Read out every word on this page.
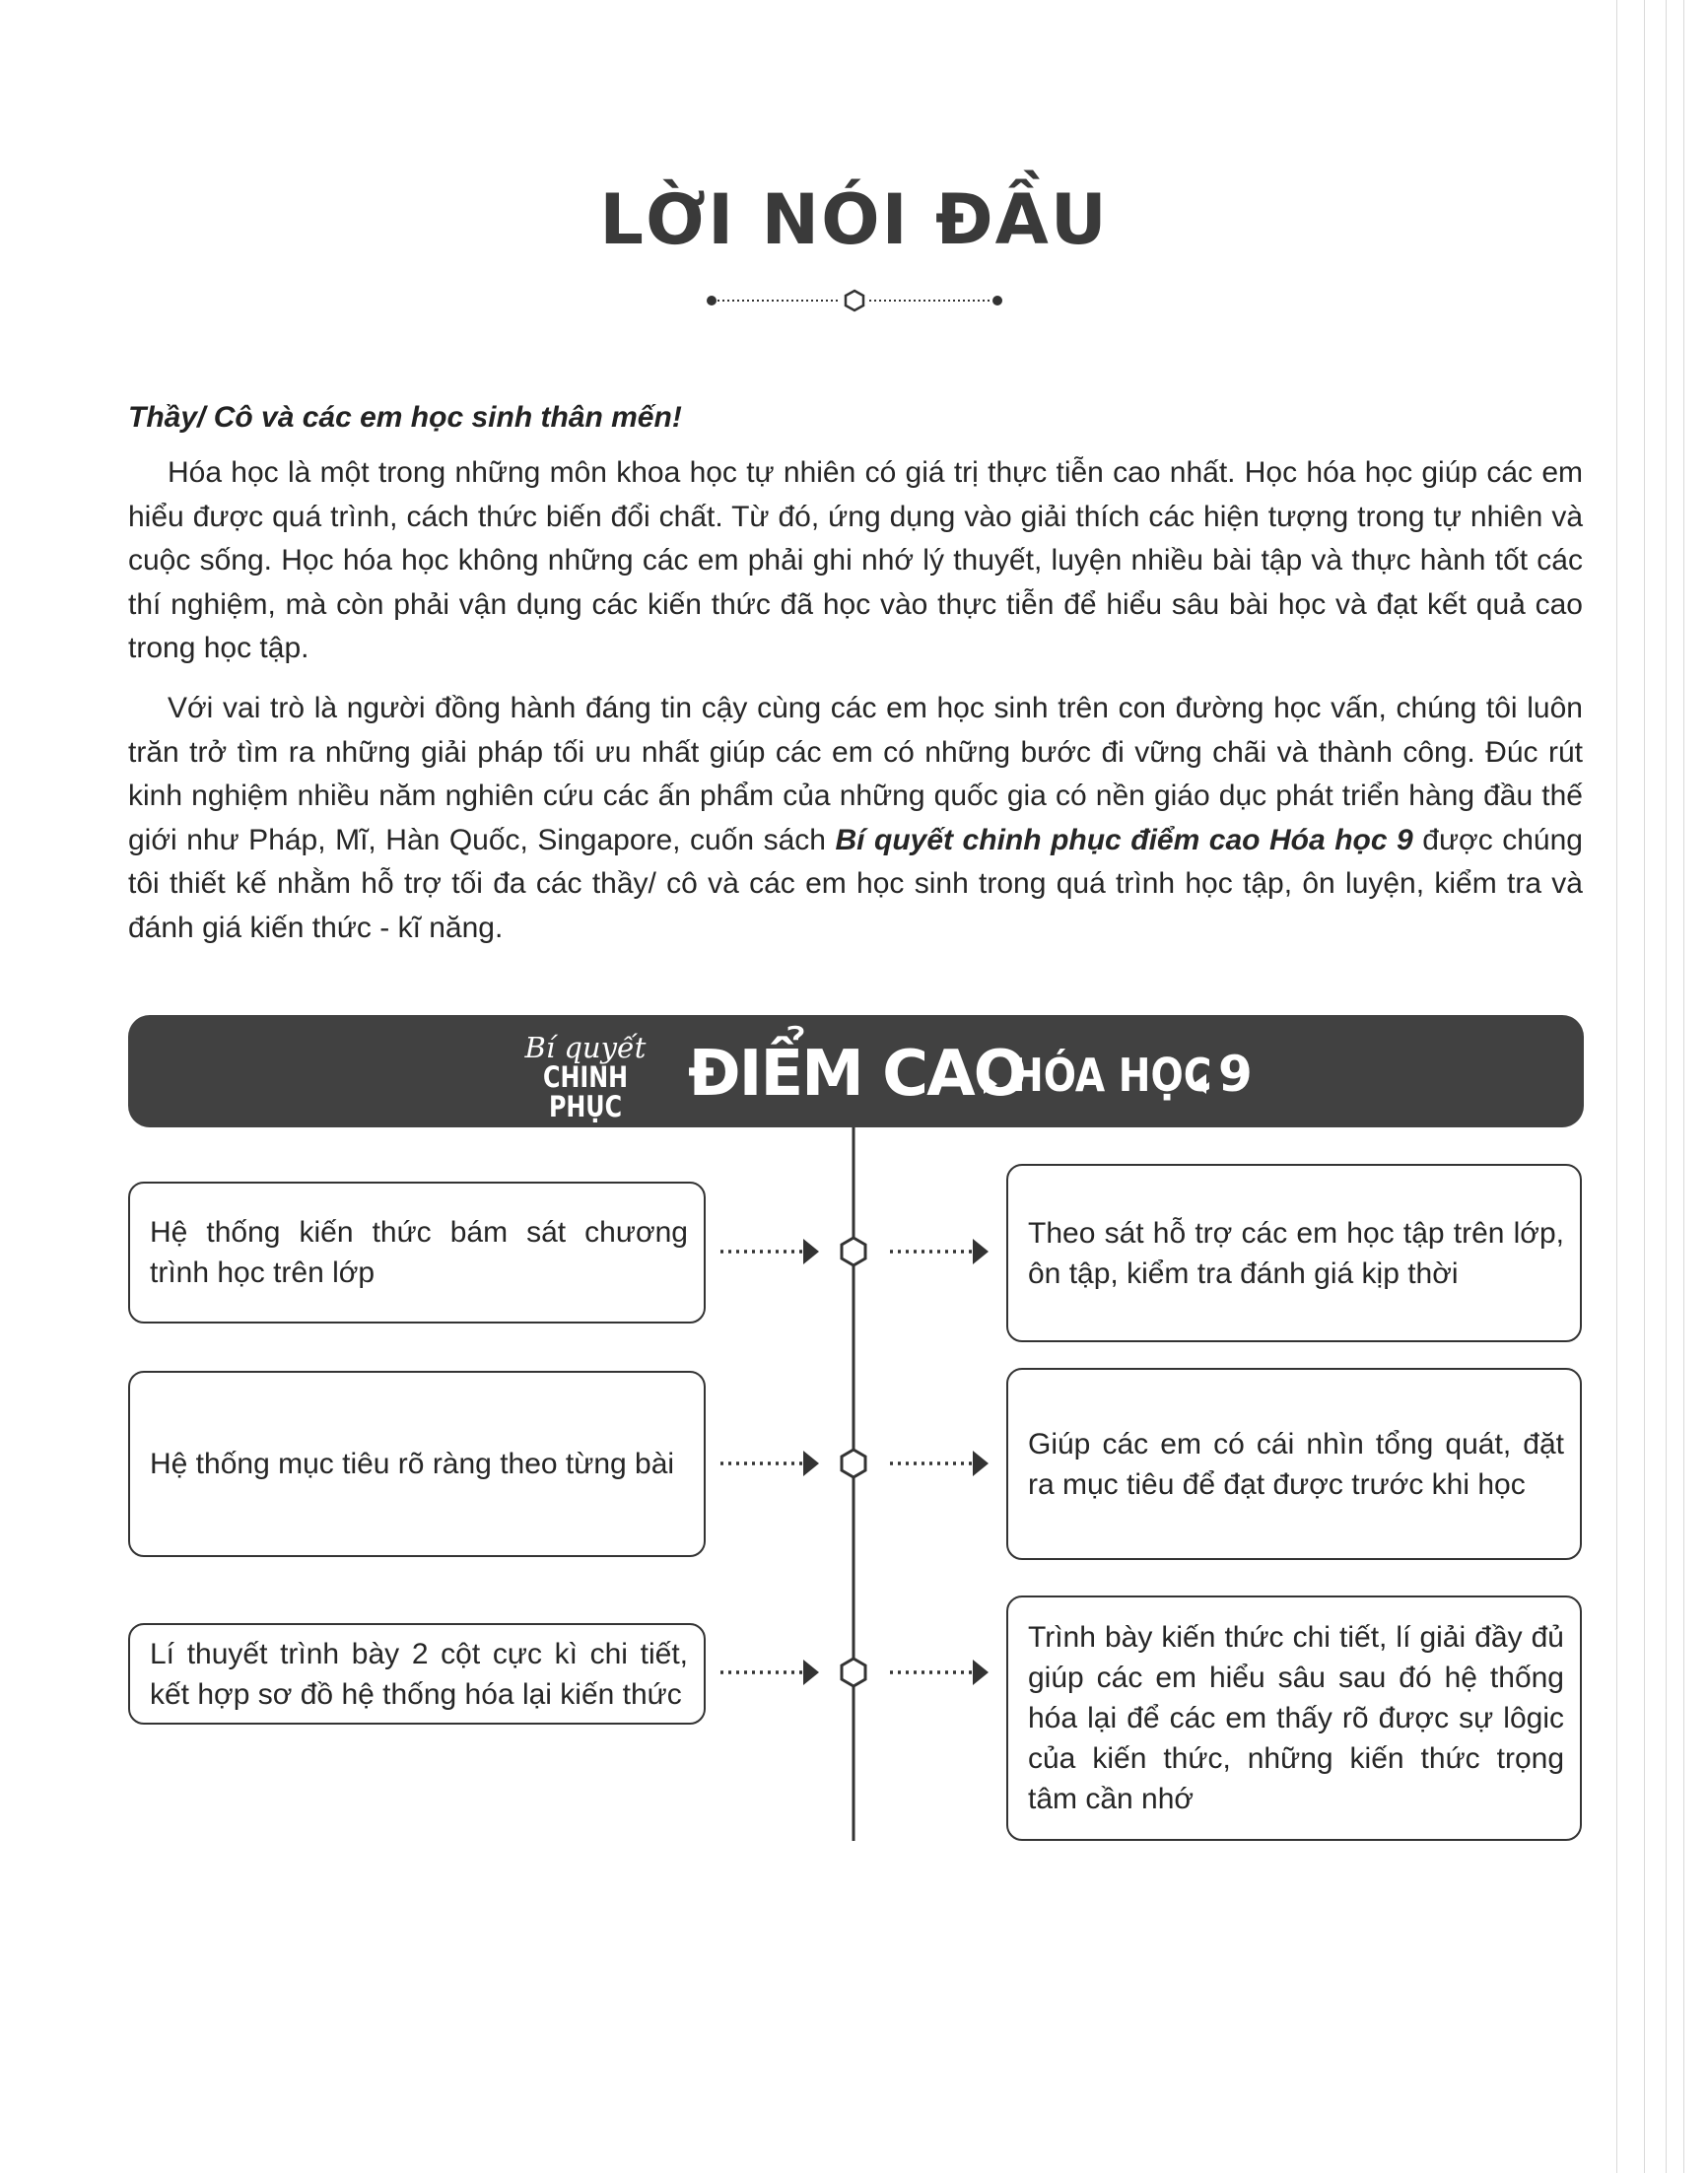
LỜI NÓI ĐẦU
Thầy/ Cô và các em học sinh thân mến!

Hóa học là một trong những môn khoa học tự nhiên có giá trị thực tiễn cao nhất. Học hóa học giúp các em hiểu được quá trình, cách thức biến đổi chất. Từ đó, ứng dụng vào giải thích các hiện tượng trong tự nhiên và cuộc sống. Học hóa học không những các em phải ghi nhớ lý thuyết, luyện nhiều bài tập và thực hành tốt các thí nghiệm, mà còn phải vận dụng các kiến thức đã học vào thực tiễn để hiểu sâu bài học và đạt kết quả cao trong học tập.

Với vai trò là người đồng hành đáng tin cậy cùng các em học sinh trên con đường học vấn, chúng tôi luôn trăn trở tìm ra những giải pháp tối ưu nhất giúp các em có những bước đi vững chãi và thành công. Đúc rút kinh nghiệm nhiều năm nghiên cứu các ấn phẩm của những quốc gia có nền giáo dục phát triển hàng đầu thế giới như Pháp, Mĩ, Hàn Quốc, Singapore, cuốn sách Bí quyết chinh phục điểm cao Hóa học 9 được chúng tôi thiết kế nhằm hỗ trợ tối đa các thầy/ cô và các em học sinh trong quá trình học tập, ôn luyện, kiểm tra và đánh giá kiến thức - kĩ năng.

Bí quyết
CHINH PHỤC	ĐIỂM CAO
HÓA HỌC 9
Hệ thống kiến thức bám sát chương trình học trên lớp
Theo sát hỗ trợ các em học tập trên lớp, ôn tập, kiểm tra đánh giá kịp thời
Hệ thống mục tiêu rõ ràng theo từng bài
Giúp các em có cái nhìn tổng quát, đặt ra mục tiêu để đạt được trước khi học
Lí thuyết trình bày 2 cột cực kì chi tiết, kết hợp sơ đồ hệ thống hóa lại kiến thức
Trình bày kiến thức chi tiết, lí giải đầy đủ giúp các em hiểu sâu sau đó hệ thống hóa lại để các em thấy rõ được sự lôgic của kiến thức, những kiến thức trọng tâm cần nhớ
